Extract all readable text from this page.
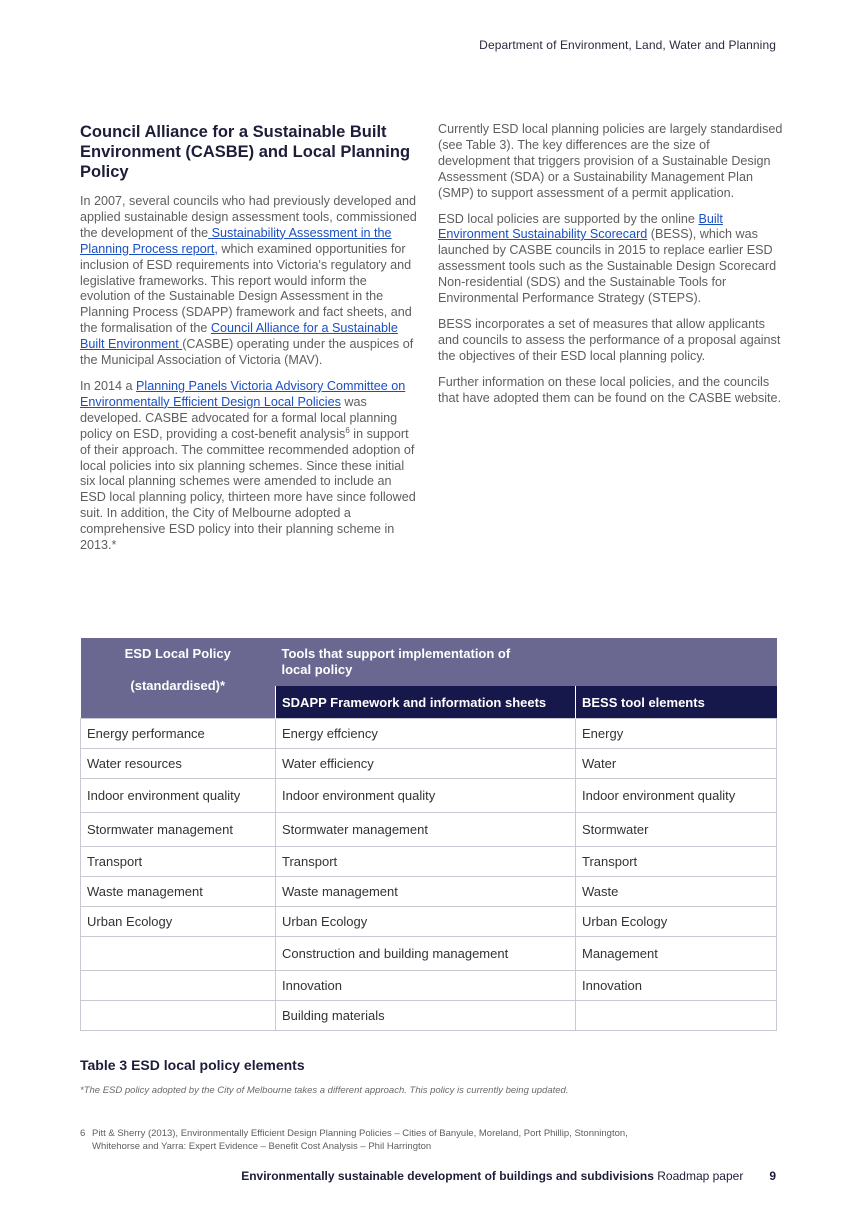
Department of Environment, Land, Water and Planning
Council Alliance for a Sustainable Built Environment (CASBE) and Local Planning Policy

In 2007, several councils who had previously developed and applied sustainable design assessment tools, commissioned the development of the Sustainability Assessment in the Planning Process report, which examined opportunities for inclusion of ESD requirements into Victoria's regulatory and legislative frameworks. This report would inform the evolution of the Sustainable Design Assessment in the Planning Process (SDAPP) framework and fact sheets, and the formalisation of the Council Alliance for a Sustainable Built Environment (CASBE) operating under the auspices of the Municipal Association of Victoria (MAV).

In 2014 a Planning Panels Victoria Advisory Committee on Environmentally Efficient Design Local Policies was developed. CASBE advocated for a formal local planning policy on ESD, providing a cost-benefit analysis$^6$ in support of their approach. The committee recommended adoption of local policies into six planning schemes. Since these initial six local planning schemes were amended to include an ESD local planning policy, thirteen more have since followed suit. In addition, the City of Melbourne adopted a comprehensive ESD policy into their planning scheme in 2013.*

Currently ESD local planning policies are largely standardised (see Table 3). The key differences are the size of development that triggers provision of a Sustainable Design Assessment (SDA) or a Sustainability Management Plan (SMP) to support assessment of a permit application.

ESD local policies are supported by the online Built Environment Sustainability Scorecard (BESS), which was launched by CASBE councils in 2015 to replace earlier ESD assessment tools such as the Sustainable Design Scorecard Non-residential (SDS) and the Sustainable Tools for Environmental Performance Strategy (STEPS).

BESS incorporates a set of measures that allow applicants and councils to assess the performance of a proposal against the objectives of their ESD local planning policy.

Further information on these local policies, and the councils that have adopted them can be found on the CASBE website.

ESD Local Policy
(standardised)*	Tools that support implementation of local policy	

	SDAPP Framework and information sheets	BESS tool elements
Energy performance	Energy effciency	Energy
Water resources	Water efficiency	Water
Indoor environment quality	Indoor environment quality	Indoor environment quality
Stormwater management	Stormwater management	Stormwater
Transport	Transport	Transport
Waste management	Waste management	Waste
Urban Ecology	Urban Ecology	Urban Ecology
	Construction and building management	Management
	Innovation	Innovation
	Building materials	
Table 3 ESD local policy elements
*The ESD policy adopted by the City of Melbourne takes a different approach. This policy is currently being updated.
6 Pitt & Sherry (2013), Environmentally Efficient Design Planning Policies – Cities of Banyule, Moreland, Port Phillip, Stonnington,
Whitehorse and Yarra: Expert Evidence – Benefit Cost Analysis – Phil Harrington
Environmentally sustainable development of buildings and subdivisions Roadmap paper 9
